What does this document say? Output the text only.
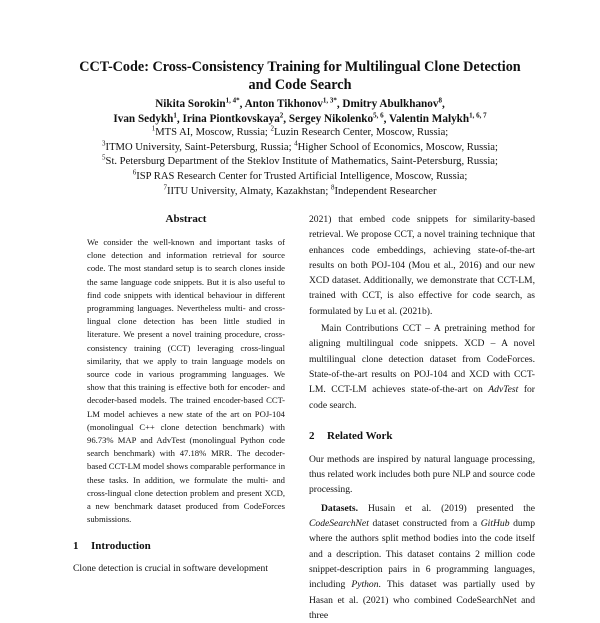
CCT-Code: Cross-Consistency Training for Multilingual Clone Detection
and Code Search
Nikita Sorokin$^{1, 4*}$, Anton Tikhonov$^{1, 3*}$, Dmitry Abulkhanov$^8$,
Ivan Sedykh$^1$, Irina Piontkovskaya$^2$, Sergey Nikolenko$^{5, 6}$, Valentin Malykh$^{1, 6, 7}$
$^1$MTS AI, Moscow, Russia; $^2$Luzin Research Center, Moscow, Russia;
$^3$ITMO University, Saint-Petersburg, Russia; $^4$Higher School of Economics, Moscow, Russia;
$^5$St. Petersburg Department of the Steklov Institute of Mathematics, Saint-Petersburg, Russia;
$^6$ISP RAS Research Center for Trusted Artificial Intelligence, Moscow, Russia;
$^7$IITU University, Almaty, Kazakhstan; $^8$Independent Researcher
Abstract
We consider the well-known and important tasks of clone detection and information retrieval for source code. The most standard setup is to search clones inside the same language code snippets. But it is also useful to find code snippets with identical behaviour in different programming languages. Nevertheless multi- and cross-lingual clone detection has been little studied in literature. We present a novel training procedure, cross-consistency training (CCT) leveraging cross-lingual similarity, that we apply to train language models on source code in various programming languages. We show that this training is effective both for encoder- and decoder-based models. The trained encoder-based CCT-LM model achieves a new state of the art on POJ-104 (monolingual C++ clone detection benchmark) with 96.73% MAP and AdvTest (monolingual Python code search benchmark) with 47.18% MRR. The decoder-based CCT-LM model shows comparable performance in these tasks. In addition, we formulate the multi- and cross-lingual clone detection problem and present XCD, a new benchmark dataset produced from CodeForces submissions.
1 Introduction
Clone detection is crucial in software development

2021) that embed code snippets for similarity-based retrieval. We propose CCT, a novel training technique that enhances code embeddings, achieving state-of-the-art results on both POJ-104 (Mou et al., 2016) and our new XCD dataset. Additionally, we demonstrate that CCT-LM, trained with CCT, is also effective for code search, as formulated by Lu et al. (2021b).

Main Contributions CCT – A pretraining method for aligning multilingual code snippets. XCD – A novel multilingual clone detection dataset from CodeForces. State-of-the-art results on POJ-104 and XCD with CCT-LM. CCT-LM achieves state-of-the-art on AdvTest for code search.

2 Related Work

Our methods are inspired by natural language processing, thus related work includes both pure NLP and source code processing.

Datasets. Husain et al. (2019) presented the CodeSearchNet dataset constructed from a GitHub dump where the authors split method bodies into the code itself and a description. This dataset contains 2 million code snippet-description pairs in 6 programming languages, including Python. This dataset was partially used by Hasan et al. (2021) who combined CodeSearchNet and three
